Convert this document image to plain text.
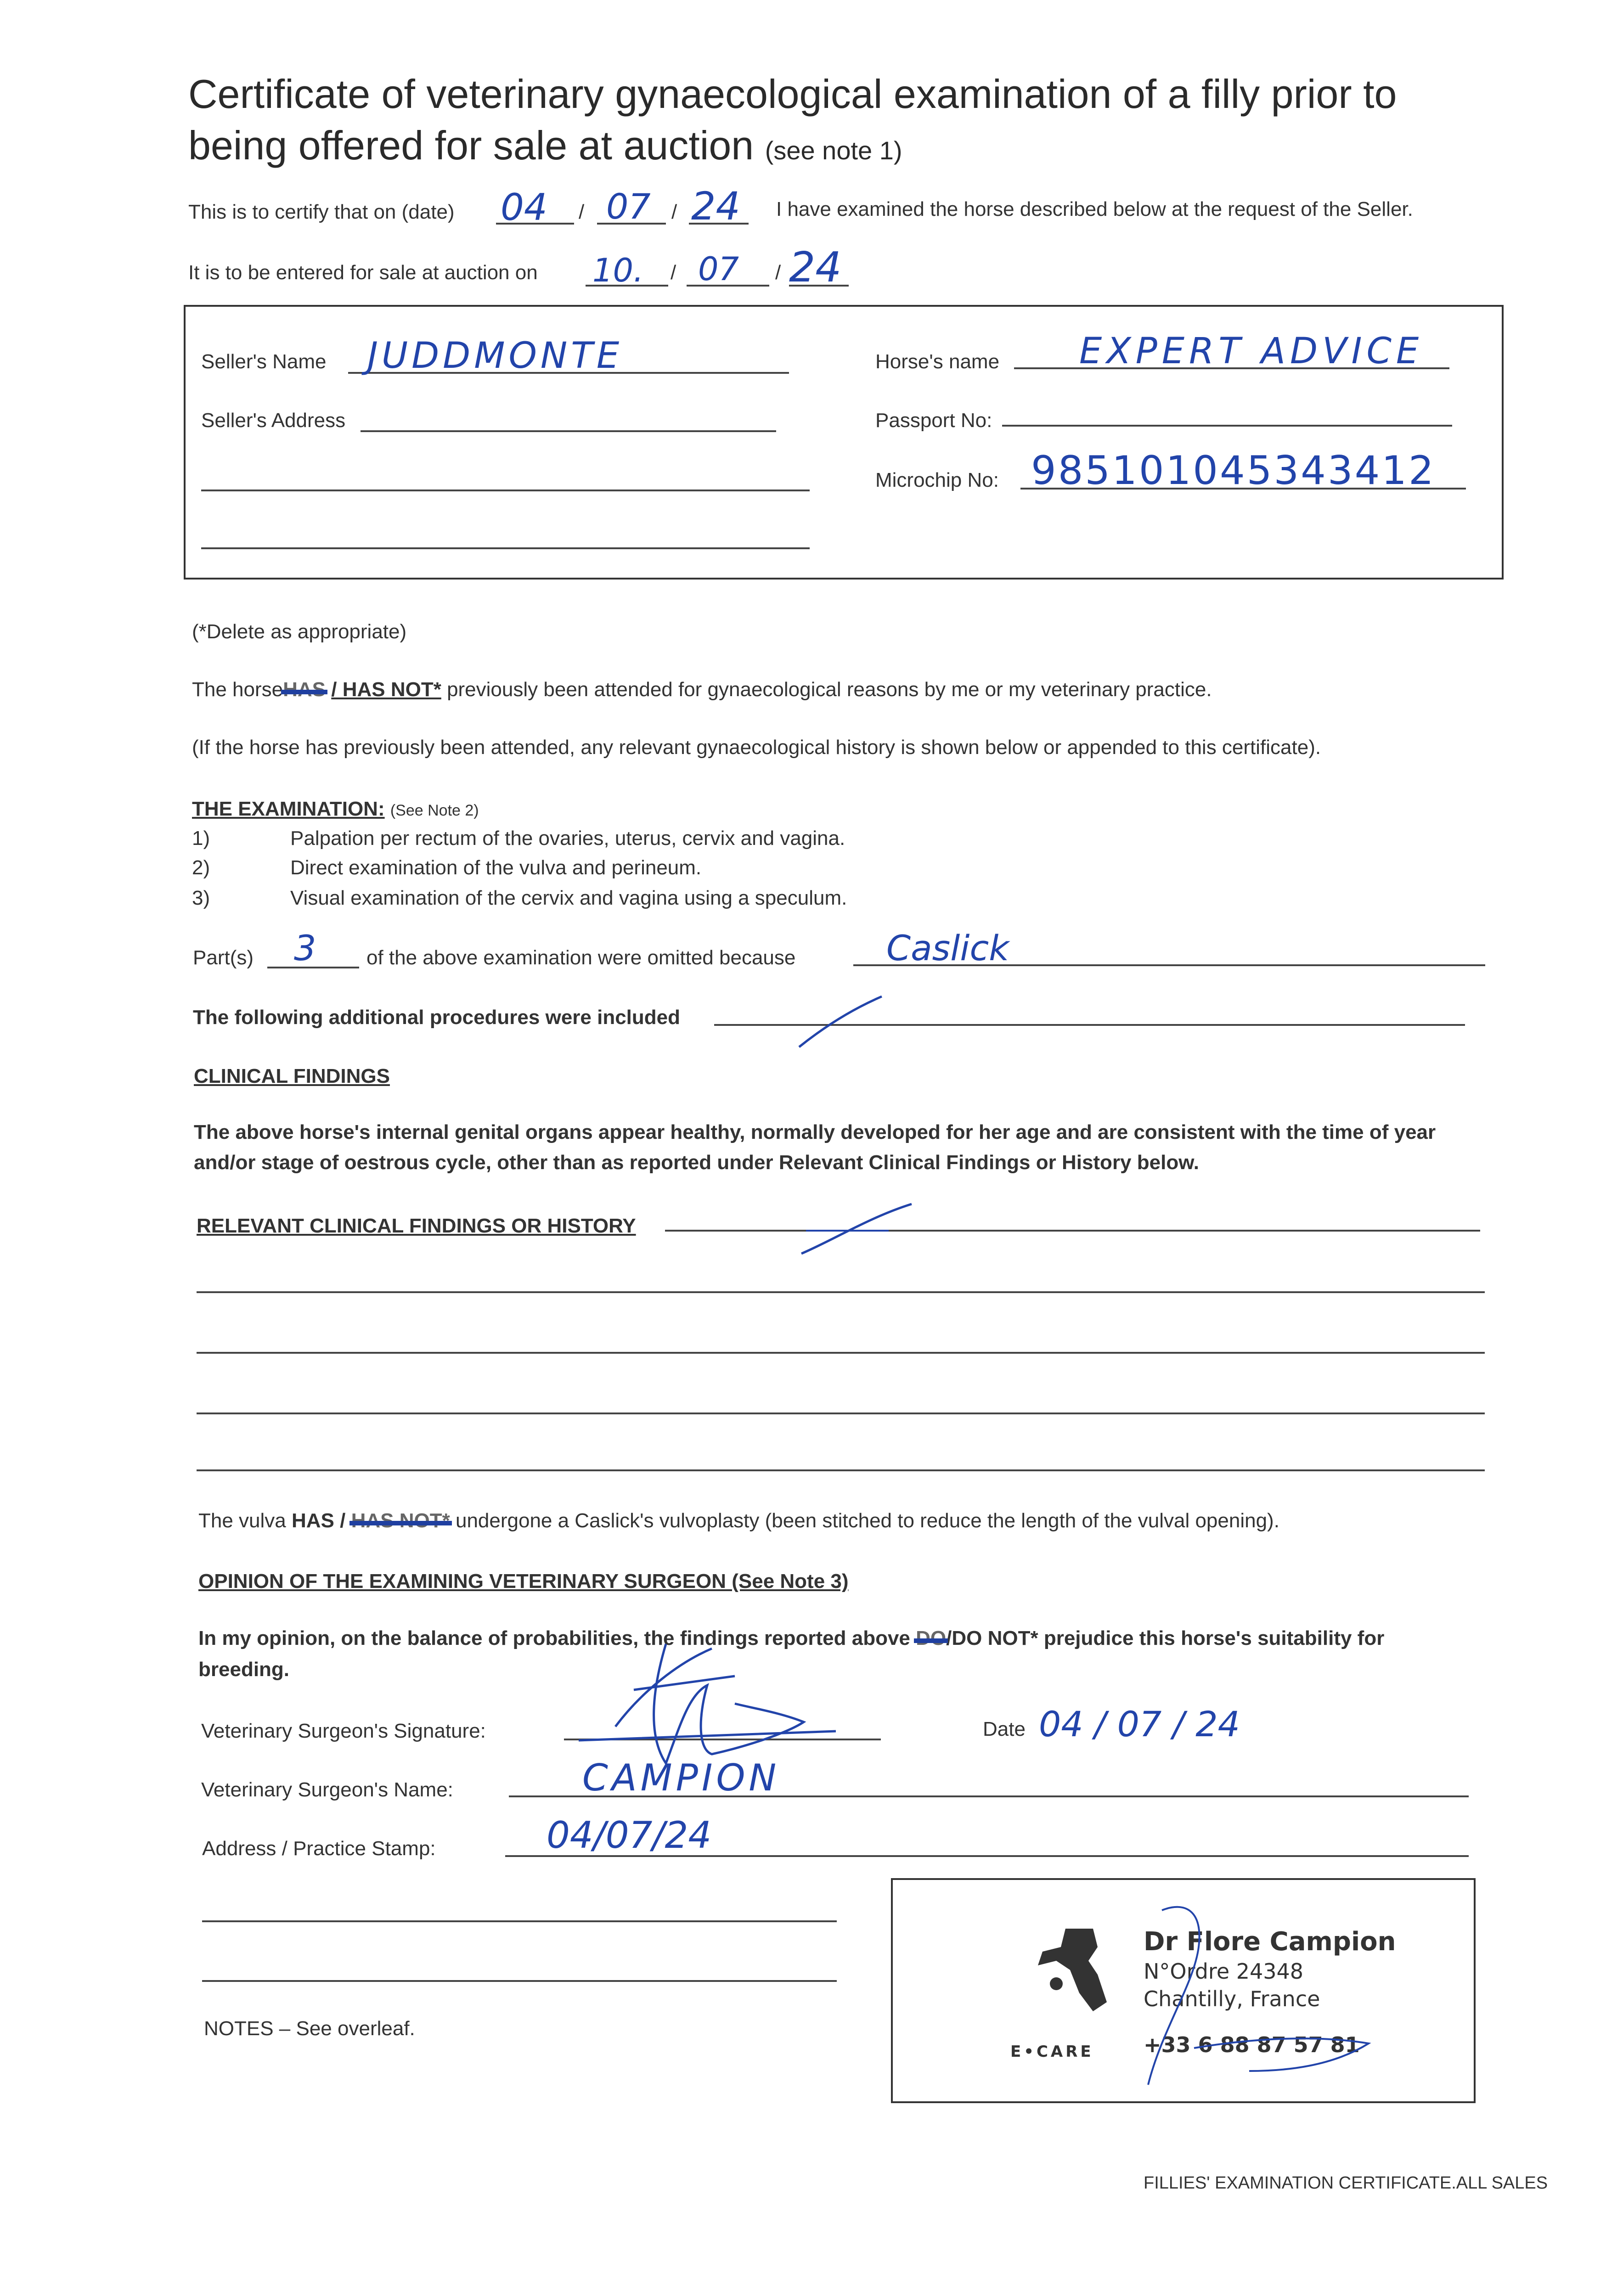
Certificate of veterinary gynaecological examination of a filly prior to
being offered for sale at auction (see note 1)
This is to certify that on (date) 04 / 07 / 24 I have examined the horse described below at the request of the Seller.
It is to be entered for sale at auction on 10. / 07 / 24
Seller's Name JUDDMONTE
Seller's Address
Horse's name EXPERT ADVICE
Passport No:
Microchip No: 985101045343412
(*Delete as appropriate)
The horseHAS / HAS NOT* previously been attended for gynaecological reasons by me or my veterinary practice.
(If the horse has previously been attended, any relevant gynaecological history is shown below or appended to this certificate).
THE EXAMINATION: (See Note 2)
1)	Palpation per rectum of the ovaries, uterus, cervix and vagina.
2)	Direct examination of the vulva and perineum.
3)	Visual examination of the cervix and vagina using a speculum.
Part(s) 3 of the above examination were omitted because	Caslick
The following additional procedures were included
CLINICAL FINDINGS
The above horse's internal genital organs appear healthy, normally developed for her age and are consistent with the time of year
and/or stage of oestrous cycle, other than as reported under Relevant Clinical Findings or History below.
RELEVANT CLINICAL FINDINGS OR HISTORY
The vulva HAS / HAS NOT* undergone a Caslick's vulvoplasty (been stitched to reduce the length of the vulval opening).
OPINION OF THE EXAMINING VETERINARY SURGEON (See Note 3)
In my opinion, on the balance of probabilities, the findings reported above DO/DO NOT* prejudice this horse's suitability for
breeding.
Veterinary Surgeon's Signature:	Date 04 / 07 / 24
Veterinary Surgeon's Name:	CAMPION
Address / Practice Stamp:	04/07/24
NOTES – See overleaf.
E•CARE
Dr Flore Campion
N°Ordre 24348
Chantilly, France
+33 6 88 87 57 81
FILLIES' EXAMINATION CERTIFICATE.ALL SALES
